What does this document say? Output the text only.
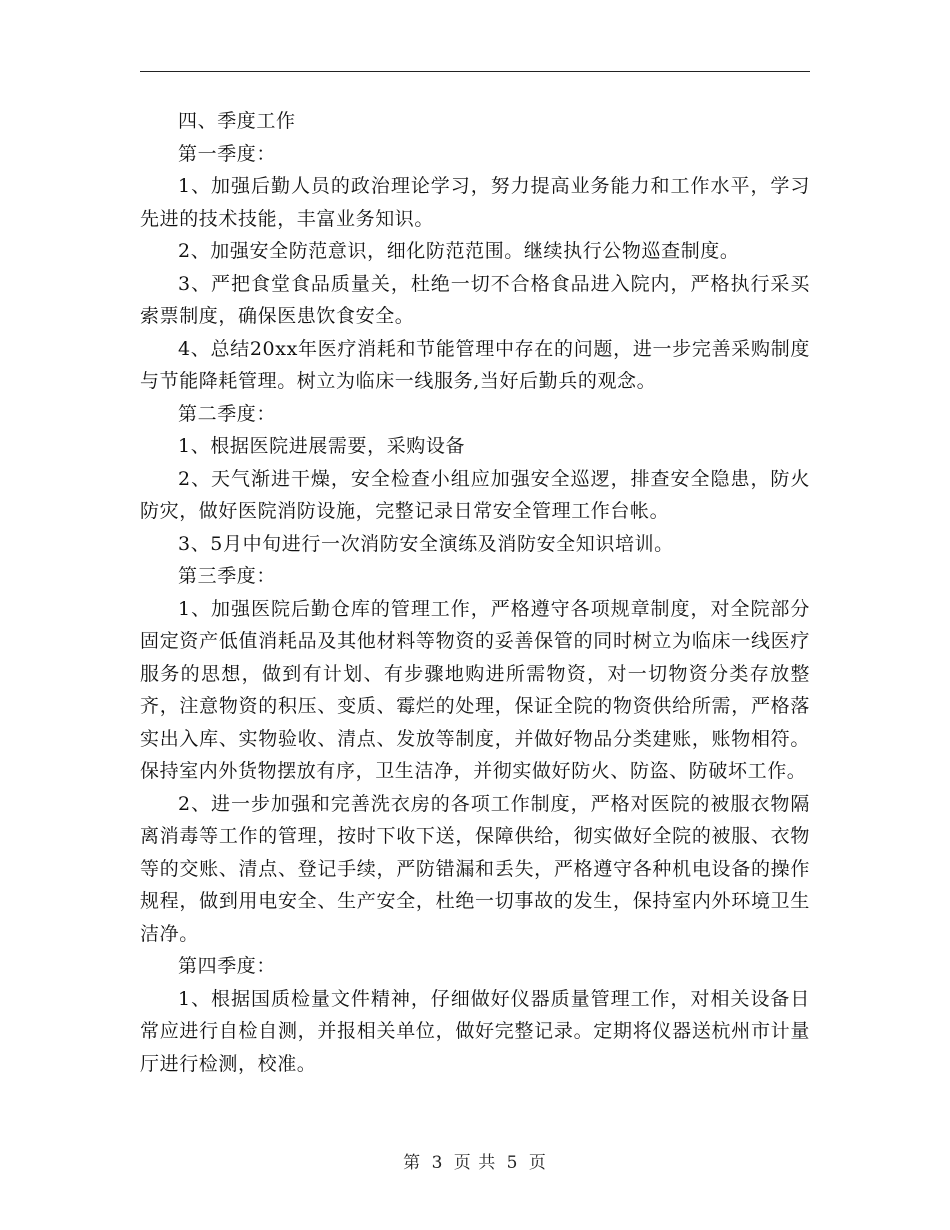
四、季度工作

第一季度：

1、加强后勤人员的政治理论学习，努力提高业务能力和工作水平，学习先进的技术技能，丰富业务知识。

2、加强安全防范意识，细化防范范围。继续执行公物巡查制度。

3、严把食堂食品质量关，杜绝一切不合格食品进入院内，严格执行采买索票制度，确保医患饮食安全。

4、总结20xx年医疗消耗和节能管理中存在的问题，进一步完善采购制度与节能降耗管理。树立为临床一线服务,当好后勤兵的观念。

第二季度：

1、根据医院进展需要，采购设备

2、天气渐进干燥，安全检查小组应加强安全巡逻，排查安全隐患，防火防灾，做好医院消防设施，完整记录日常安全管理工作台帐。

3、5月中旬进行一次消防安全演练及消防安全知识培训。

第三季度：

1、加强医院后勤仓库的管理工作，严格遵守各项规章制度，对全院部分固定资产低值消耗品及其他材料等物资的妥善保管的同时树立为临床一线医疗服务的思想，做到有计划、有步骤地购进所需物资，对一切物资分类存放整齐，注意物资的积压、变质、霉烂的处理，保证全院的物资供给所需，严格落实出入库、实物验收、清点、发放等制度，并做好物品分类建账，账物相符。保持室内外货物摆放有序，卫生洁净，并彻实做好防火、防盗、防破坏工作。

2、进一步加强和完善洗衣房的各项工作制度，严格对医院的被服衣物隔离消毒等工作的管理，按时下收下送，保障供给，彻实做好全院的被服、衣物等的交账、清点、登记手续，严防错漏和丢失，严格遵守各种机电设备的操作规程，做到用电安全、生产安全，杜绝一切事故的发生，保持室内外环境卫生洁净。

第四季度：

1、根据国质检量文件精神，仔细做好仪器质量管理工作，对相关设备日常应进行自检自测，并报相关单位，做好完整记录。定期将仪器送杭州市计量厅进行检测，校准。

第 3 页 共 5 页
